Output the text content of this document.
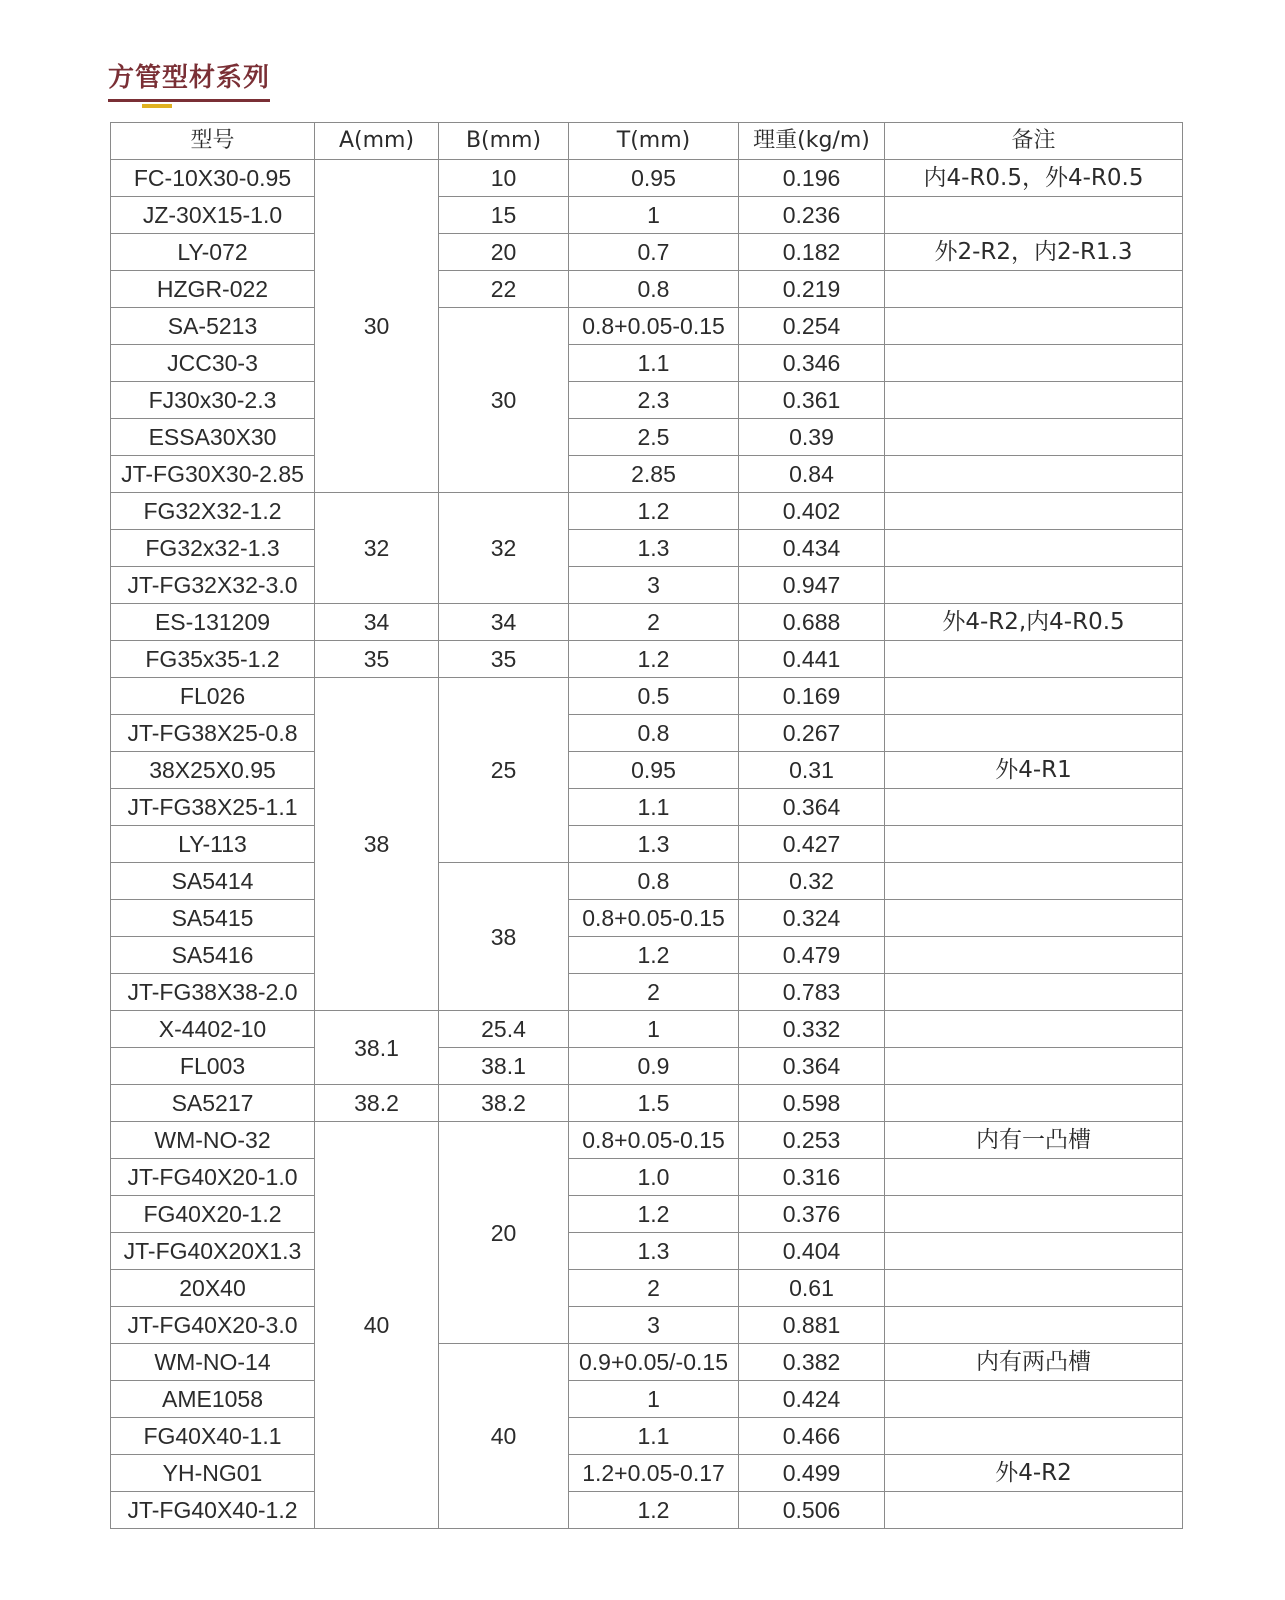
方管型材系列
型号	A(mm)	B(mm)	T(mm)	理重(kg/m)	备注
FC-10X30-0.95	30	10	0.95	0.196	内4-R0.5，外4-R0.5
JZ-30X15-1.0		15	1	0.236	
LY-072		20	0.7	0.182	外2-R2，内2-R1.3
HZGR-022		22	0.8	0.219	
SA-5213		30	0.8+0.05-0.15	0.254	
JCC30-3			1.1	0.346	
FJ30x30-2.3			2.3	0.361	
ESSA30X30			2.5	0.39	
JT-FG30X30-2.85			2.85	0.84	
FG32X32-1.2	32	32	1.2	0.402	
FG32x32-1.3			1.3	0.434	
JT-FG32X32-3.0			3	0.947	
ES-131209	34	34	2	0.688	外4-R2,内4-R0.5
FG35x35-1.2	35	35	1.2	0.441	
FL026	38	25	0.5	0.169	
JT-FG38X25-0.8			0.8	0.267	
38X25X0.95			0.95	0.31	外4-R1
JT-FG38X25-1.1			1.1	0.364	
LY-113			1.3	0.427	
SA5414		38	0.8	0.32	
SA5415			0.8+0.05-0.15	0.324	
SA5416			1.2	0.479	
JT-FG38X38-2.0			2	0.783	
X-4402-10	38.1	25.4	1	0.332	
FL003		38.1	0.9	0.364	
SA5217	38.2	38.2	1.5	0.598	
WM-NO-32	40	20	0.8+0.05-0.15	0.253	内有一凸槽
JT-FG40X20-1.0			1.0	0.316	
FG40X20-1.2			1.2	0.376	
JT-FG40X20X1.3			1.3	0.404	
20X40			2	0.61	
JT-FG40X20-3.0			3	0.881	
WM-NO-14		40	0.9+0.05/-0.15	0.382	内有两凸槽
AME1058			1	0.424	
FG40X40-1.1			1.1	0.466	
YH-NG01			1.2+0.05-0.17	0.499	外4-R2
JT-FG40X40-1.2			1.2	0.506	
